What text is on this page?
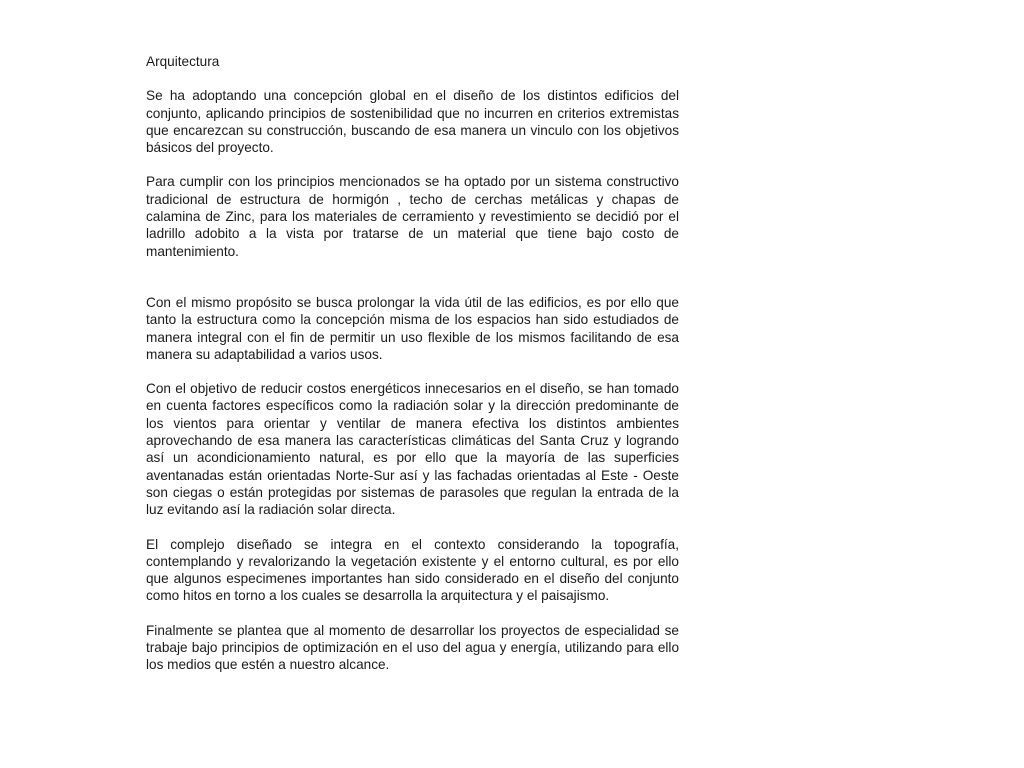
Arquitectura

Se ha adoptando una concepción global en el diseño de los distintos edificios del conjunto, aplicando principios de sostenibilidad que no incurren en criterios extremistas que encarezcan su construcción, buscando de esa manera un vinculo con los objetivos básicos del proyecto.

Para cumplir con los principios mencionados se ha optado por un sistema constructivo tradicional de estructura de hormigón , techo de cerchas metálicas y chapas de calamina de Zinc, para los materiales de cerramiento y revestimiento se decidió por el ladrillo adobito a la vista por tratarse de un material que tiene bajo costo de mantenimiento.

Con el mismo propósito se busca prolongar la vida útil de las edificios, es por ello que tanto la estructura como la concepción misma de los espacios han sido estudiados de manera integral con el fin de permitir un uso flexible de los mismos facilitando de esa manera su adaptabilidad a varios usos.

Con el objetivo de reducir costos energéticos innecesarios en el diseño, se han tomado en cuenta factores específicos como la radiación solar y la dirección predominante de los vientos para orientar y ventilar de manera efectiva los distintos ambientes aprovechando de esa manera las características climáticas del Santa Cruz y logrando así un acondicionamiento natural, es por ello que la mayoría de las superficies aventanadas están orientadas Norte-Sur así y las fachadas orientadas al Este - Oeste son ciegas o están protegidas por sistemas de parasoles que regulan la entrada de la luz evitando así la radiación solar directa.

El complejo diseñado se integra en el contexto considerando la topografía, contemplando y revalorizando la vegetación existente y el entorno cultural, es por ello que algunos especimenes importantes han sido considerado en el diseño del conjunto como hitos en torno a los cuales se desarrolla la arquitectura y el paisajismo.

Finalmente se plantea que al momento de desarrollar los proyectos de especialidad se trabaje bajo principios de optimización en el uso del agua y energía, utilizando para ello los medios que estén a nuestro alcance.
